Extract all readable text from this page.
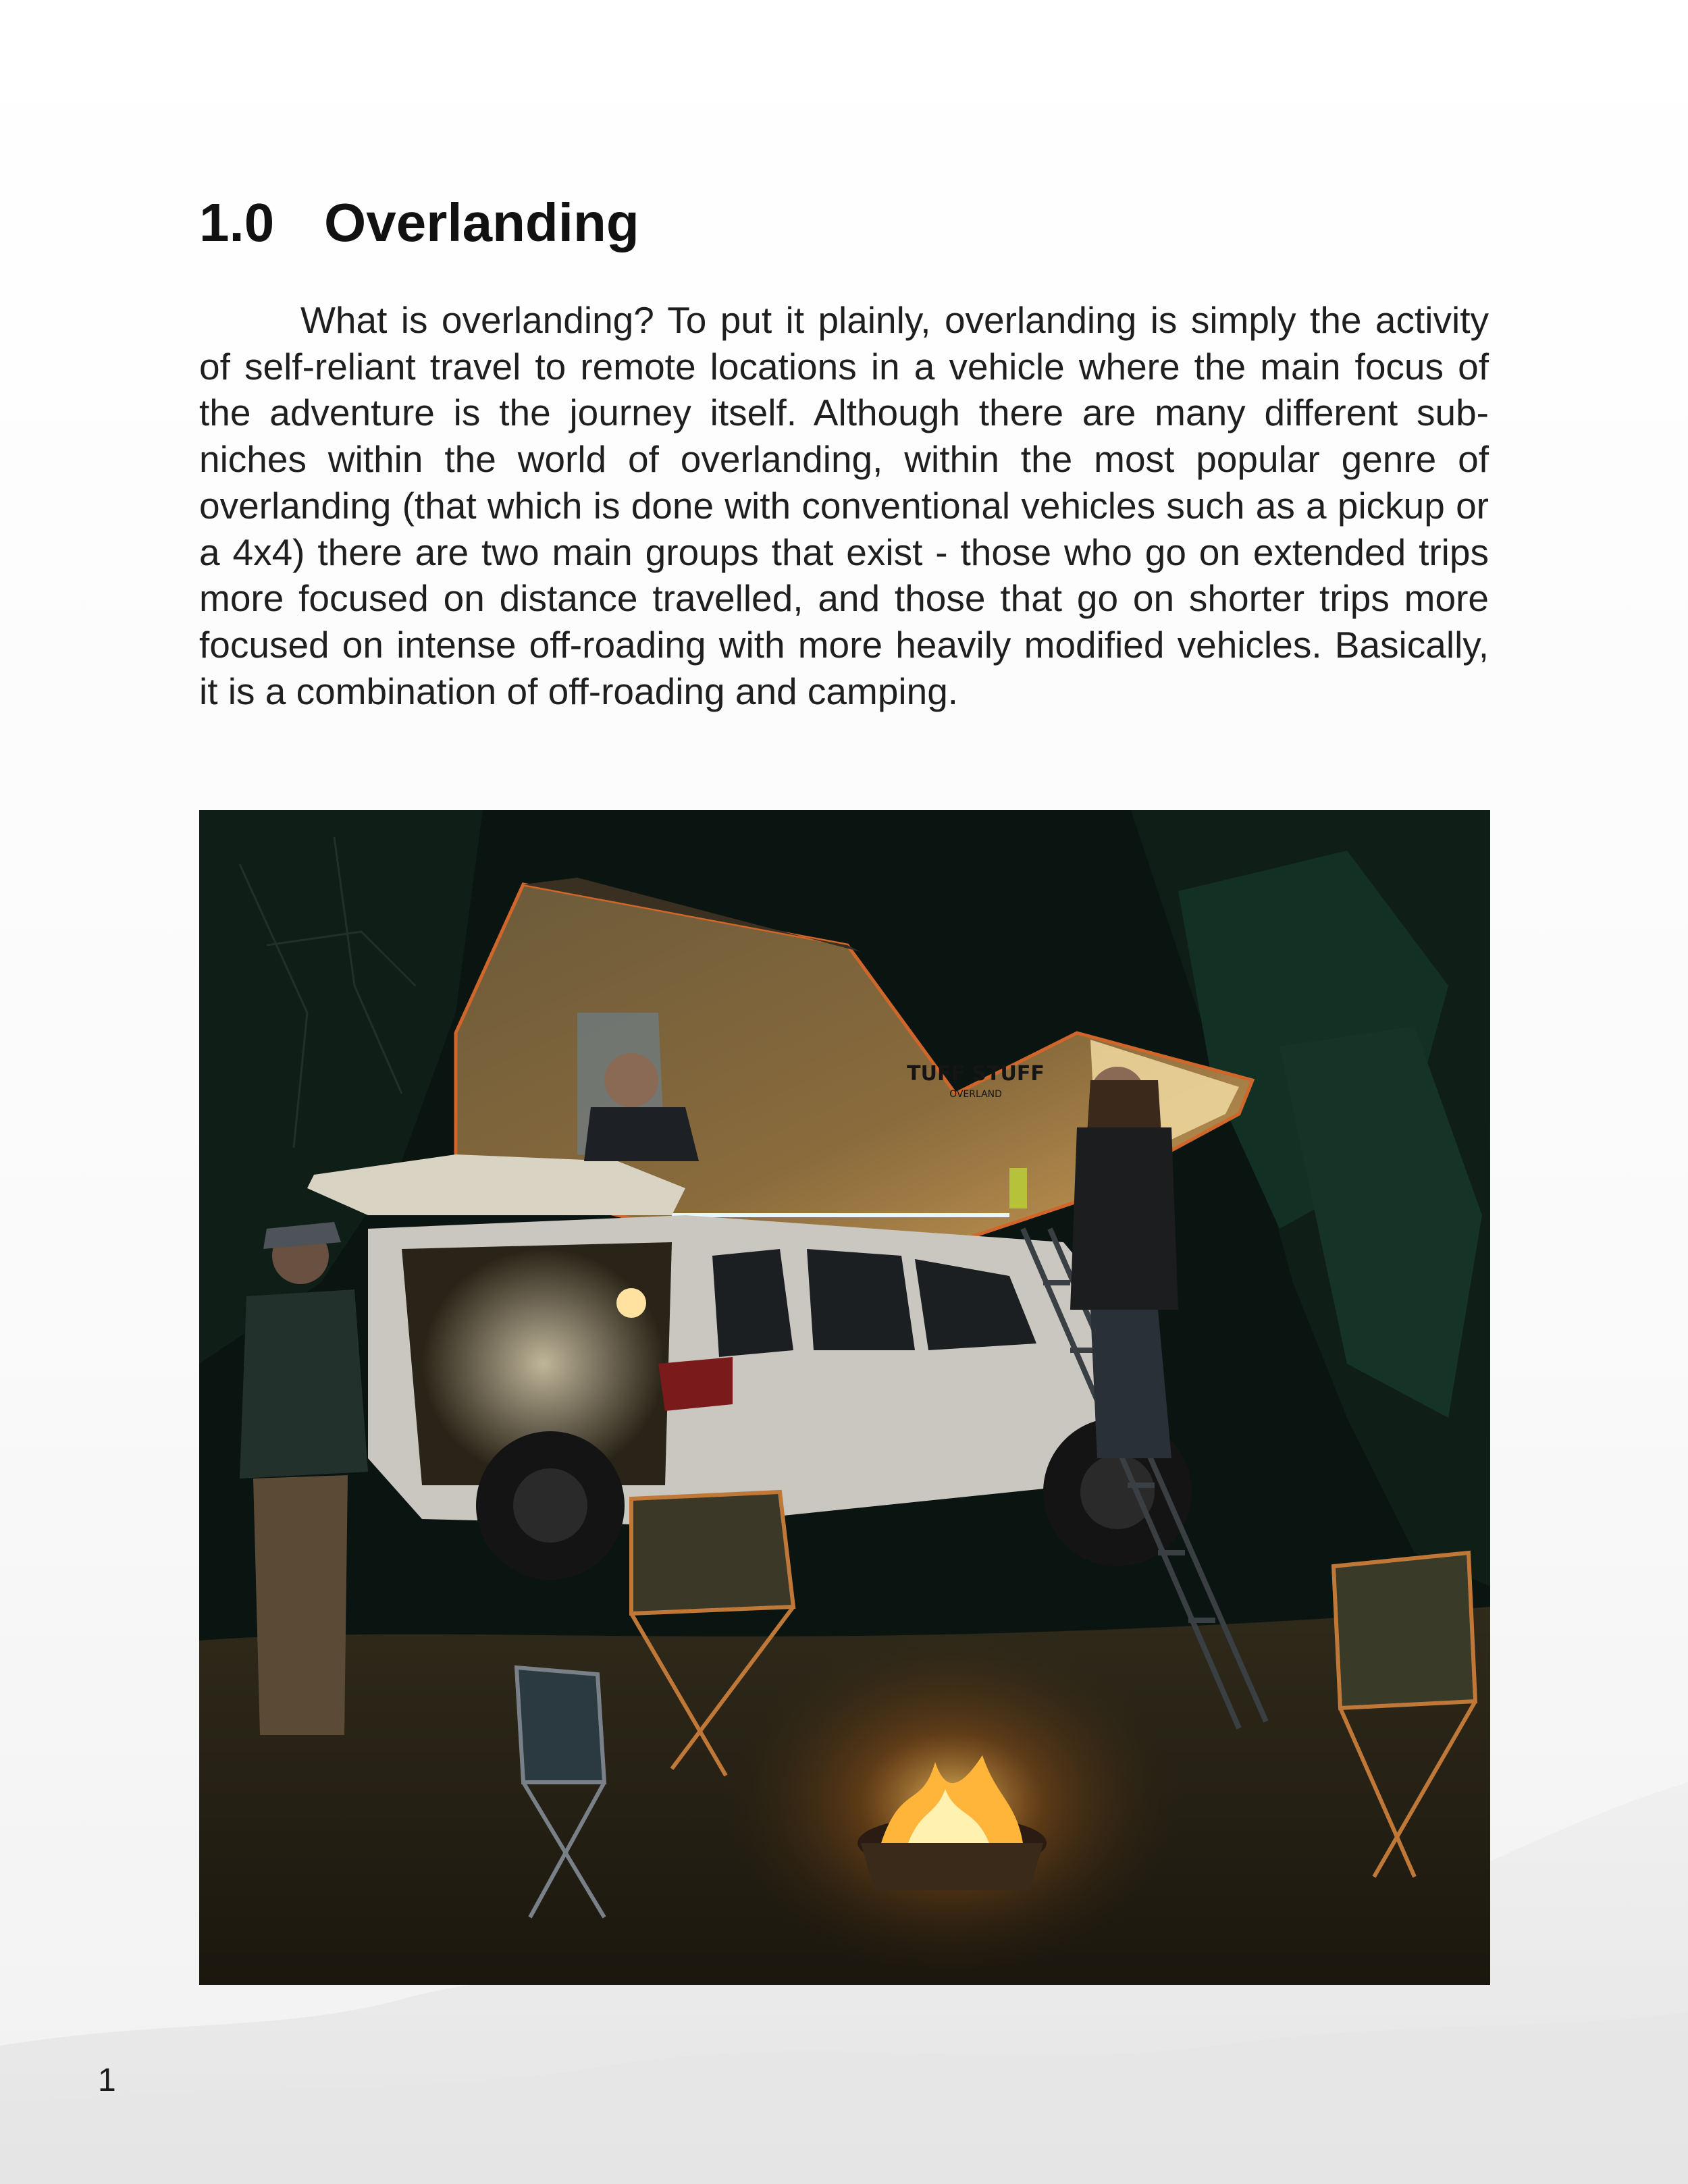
1.0 Overlanding

What is overlanding? To put it plainly, overlanding is simply the activity of self-reliant travel to remote locations in a vehicle where the main focus of the adventure is the journey itself. Although there are many different sub-niches within the world of overlanding, within the most popular genre of overlanding (that which is done with conventional vehicles such as a pickup or a 4x4) there are two main groups that exist - those who go on extended trips more focused on distance travelled, and those that go on shorter trips more focused on intense off-roading with more heavily modified vehicles. Basically, it is a combination of off-roading and camping.

TUFF STUFF
OVERLAND
1
